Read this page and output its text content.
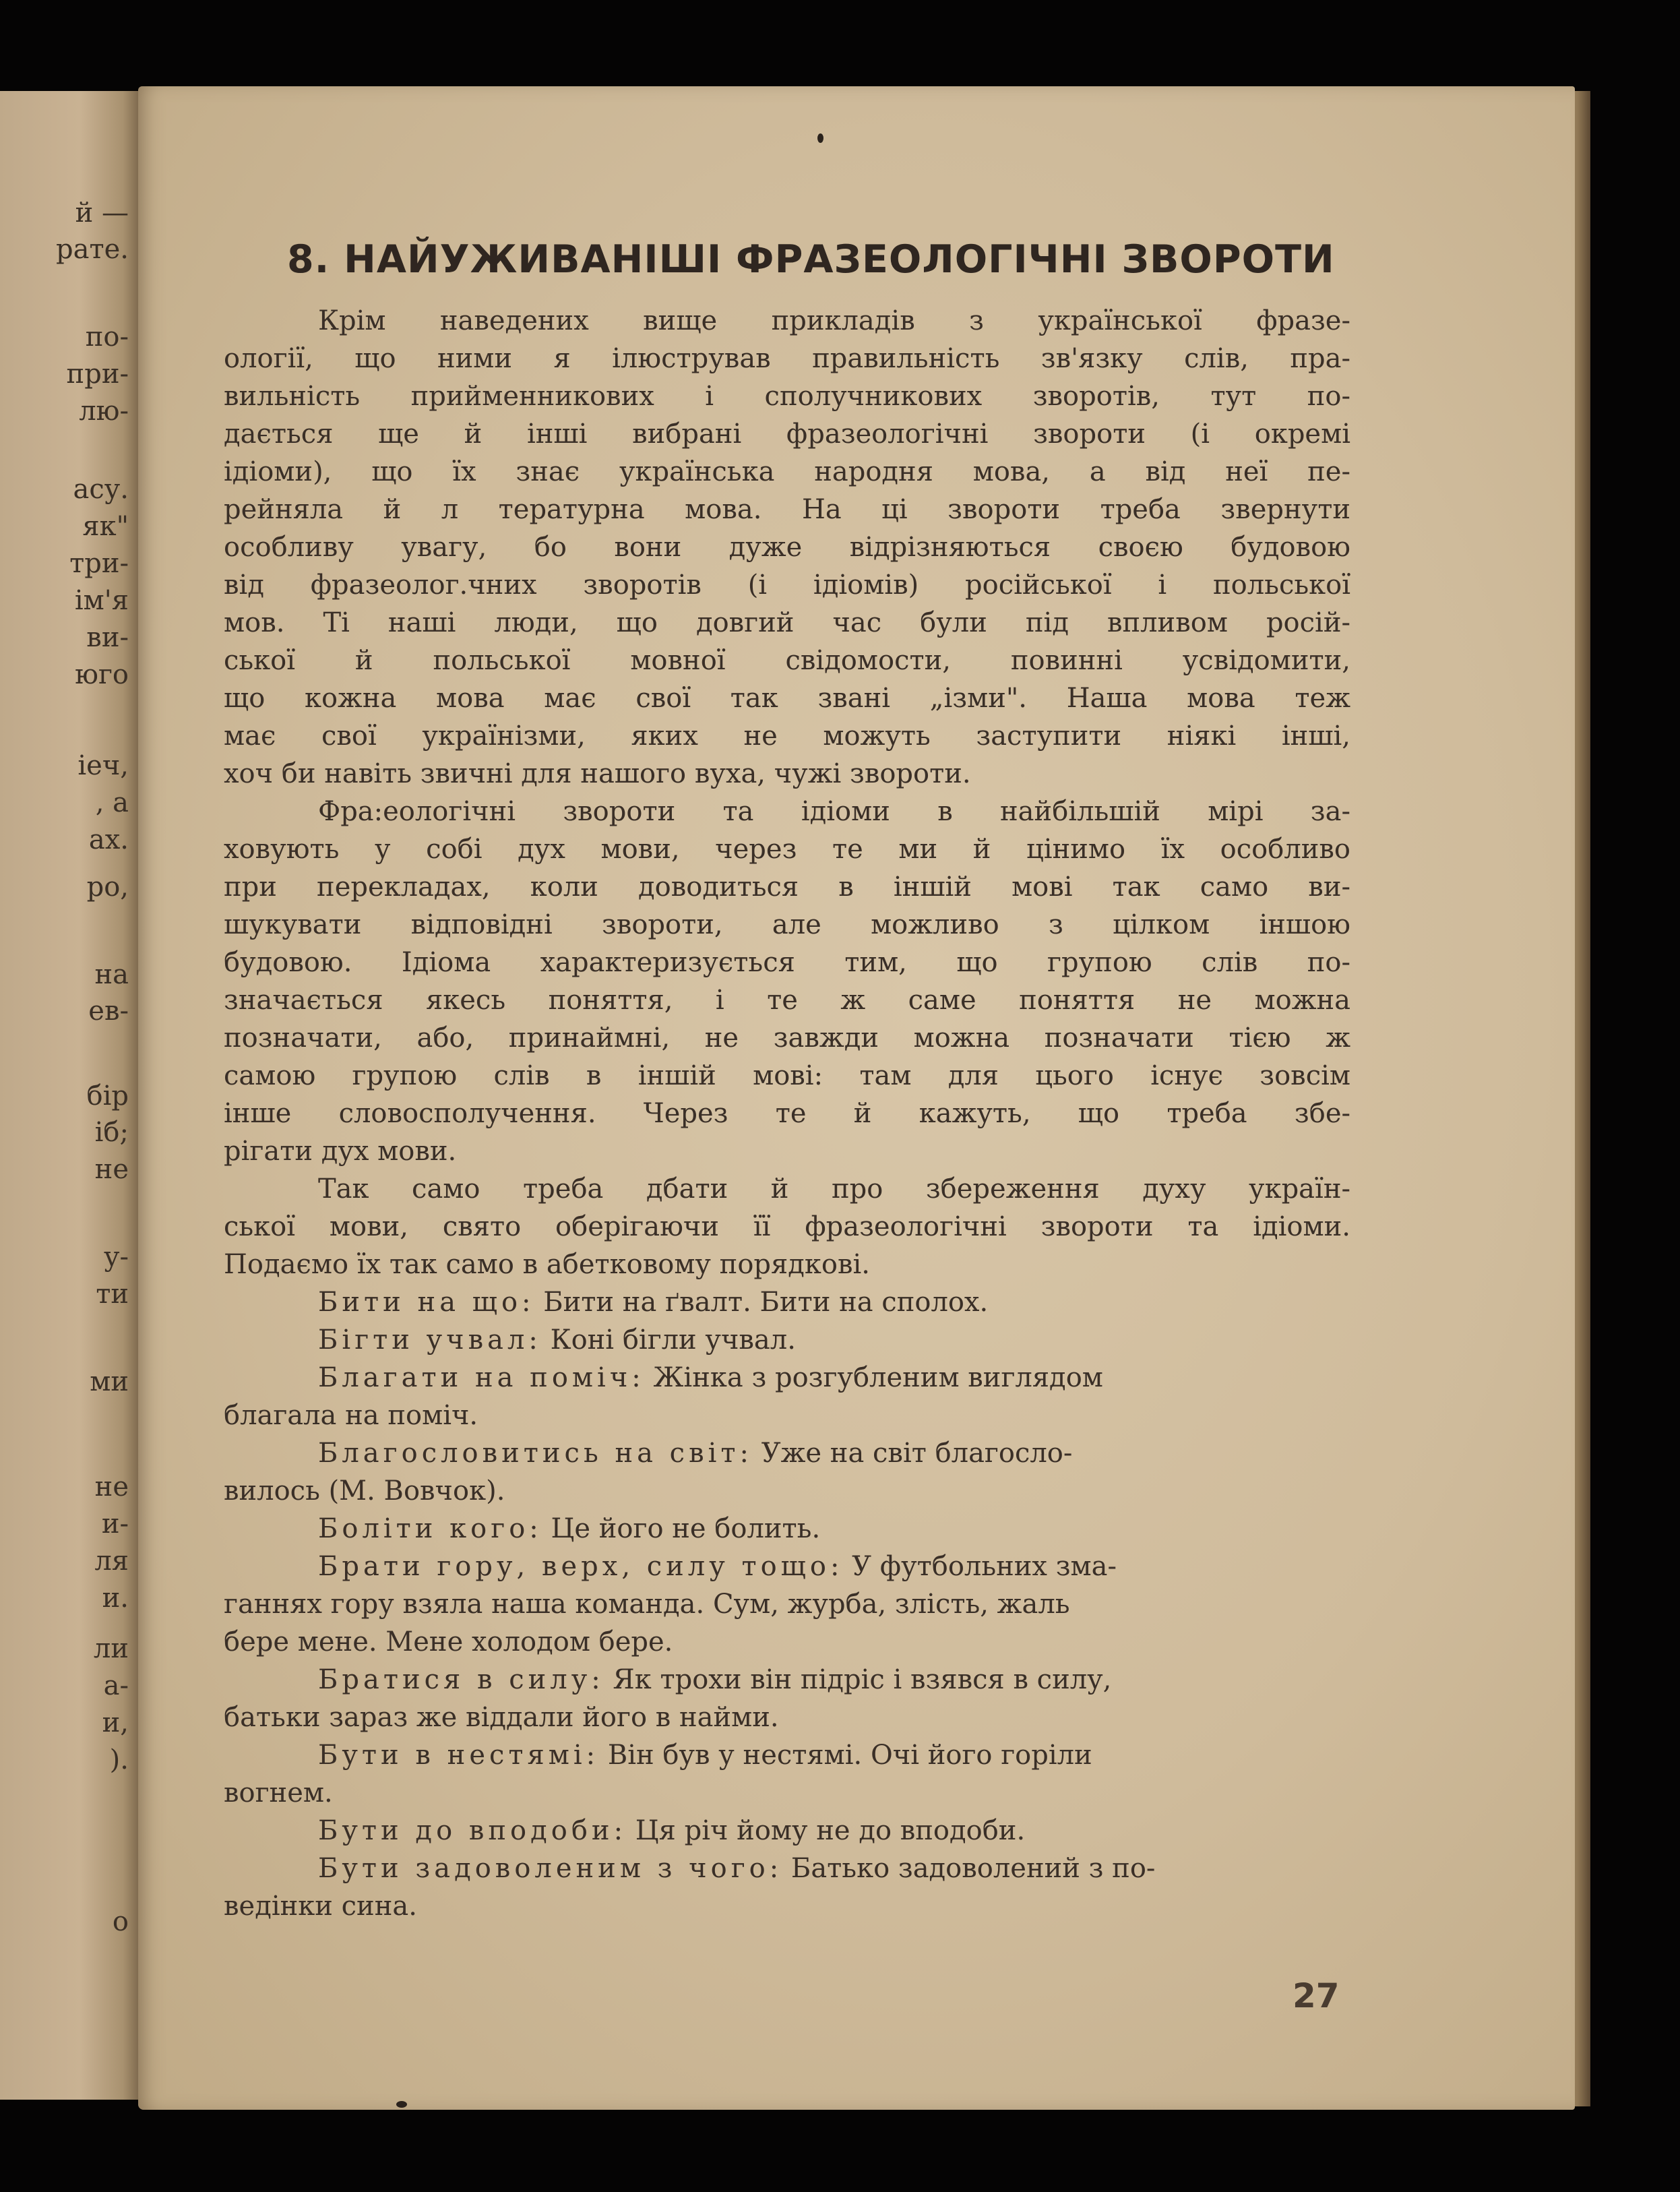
й —
рате.
по-
при-
лю-
асу.
як"
три-
ім'я
ви-
юго
іеч,
, а
ах.
ро,
на
ев-
бір
іб;
не
у-
ти
ми
не
и-
ля
и.
ли
а-
и,
).
о
8. НАЙУЖИВАНІШІ ФРАЗЕОЛОГІЧНІ ЗВОРОТИ
Крім наведених вище прикладів з української фразе-
ології, що ними я ілюстрував правильність зв'язку слів, пра-
вильність прийменникових і сполучникових зворотів, тут по-
дається ще й інші вибрані фразеологічні звороти (і окремі
ідіоми), що їх знає українська народня мова, а від неї пе-
рейняла й л тературна мова. На ці звороти треба звернути
особливу увагу, бо вони дуже відрізняються своєю будовою
від фразеолог.чних зворотів (і ідіомів) російської і польської
мов. Ті наші люди, що довгий час були під впливом росій-
ської й польської мовної свідомости, повинні усвідомити,
що кожна мова має свої так звані „ізми". Наша мова теж
має свої українізми, яких не можуть заступити ніякі інші,
хоч би навіть звичні для нашого вуха, чужі звороти.
Фра:еологічні звороти та ідіоми в найбільшій мірі за-
ховують у собі дух мови, через те ми й цінимо їх особливо
при перекладах, коли доводиться в іншій мові так само ви-
шукувати відповідні звороти, але можливо з цілком іншою
будовою. Ідіома характеризується тим, що групою слів по-
значається якесь поняття, і те ж саме поняття не можна
позначати, або, принаймні, не завжди можна позначати тією ж
самою групою слів в іншій мові: там для цього існує зовсім
інше словосполучення. Через те й кажуть, що треба збе-
рігати дух мови.
Так само треба дбати й про збереження духу україн-
ської мови, свято оберігаючи її фразеологічні звороти та ідіоми.
Подаємо їх так само в абетковому порядкові.
Бити на що: Бити на ґвалт. Бити на сполох.
Бігти учвал: Коні бігли учвал.
Благати на поміч: Жінка з розгубленим виглядом
благала на поміч.
Благословитись на світ: Уже на світ благосло-
вилось (М. Вовчок).
Боліти кого: Це його не болить.
Брати гору, верх, силу тощо: У футбольних зма-
ганнях гору взяла наша команда. Сум, журба, злість, жаль
бере мене. Мене холодом бере.
Братися в силу: Як трохи він підріс і взявся в силу,
батьки зараз же віддали його в найми.
Бути в нестямі: Він був у нестямі. Очі його горіли
вогнем.
Бути до вподоби: Ця річ йому не до вподоби.
Бути задоволеним з чого: Батько задоволений з по-
ведінки сина.
27
